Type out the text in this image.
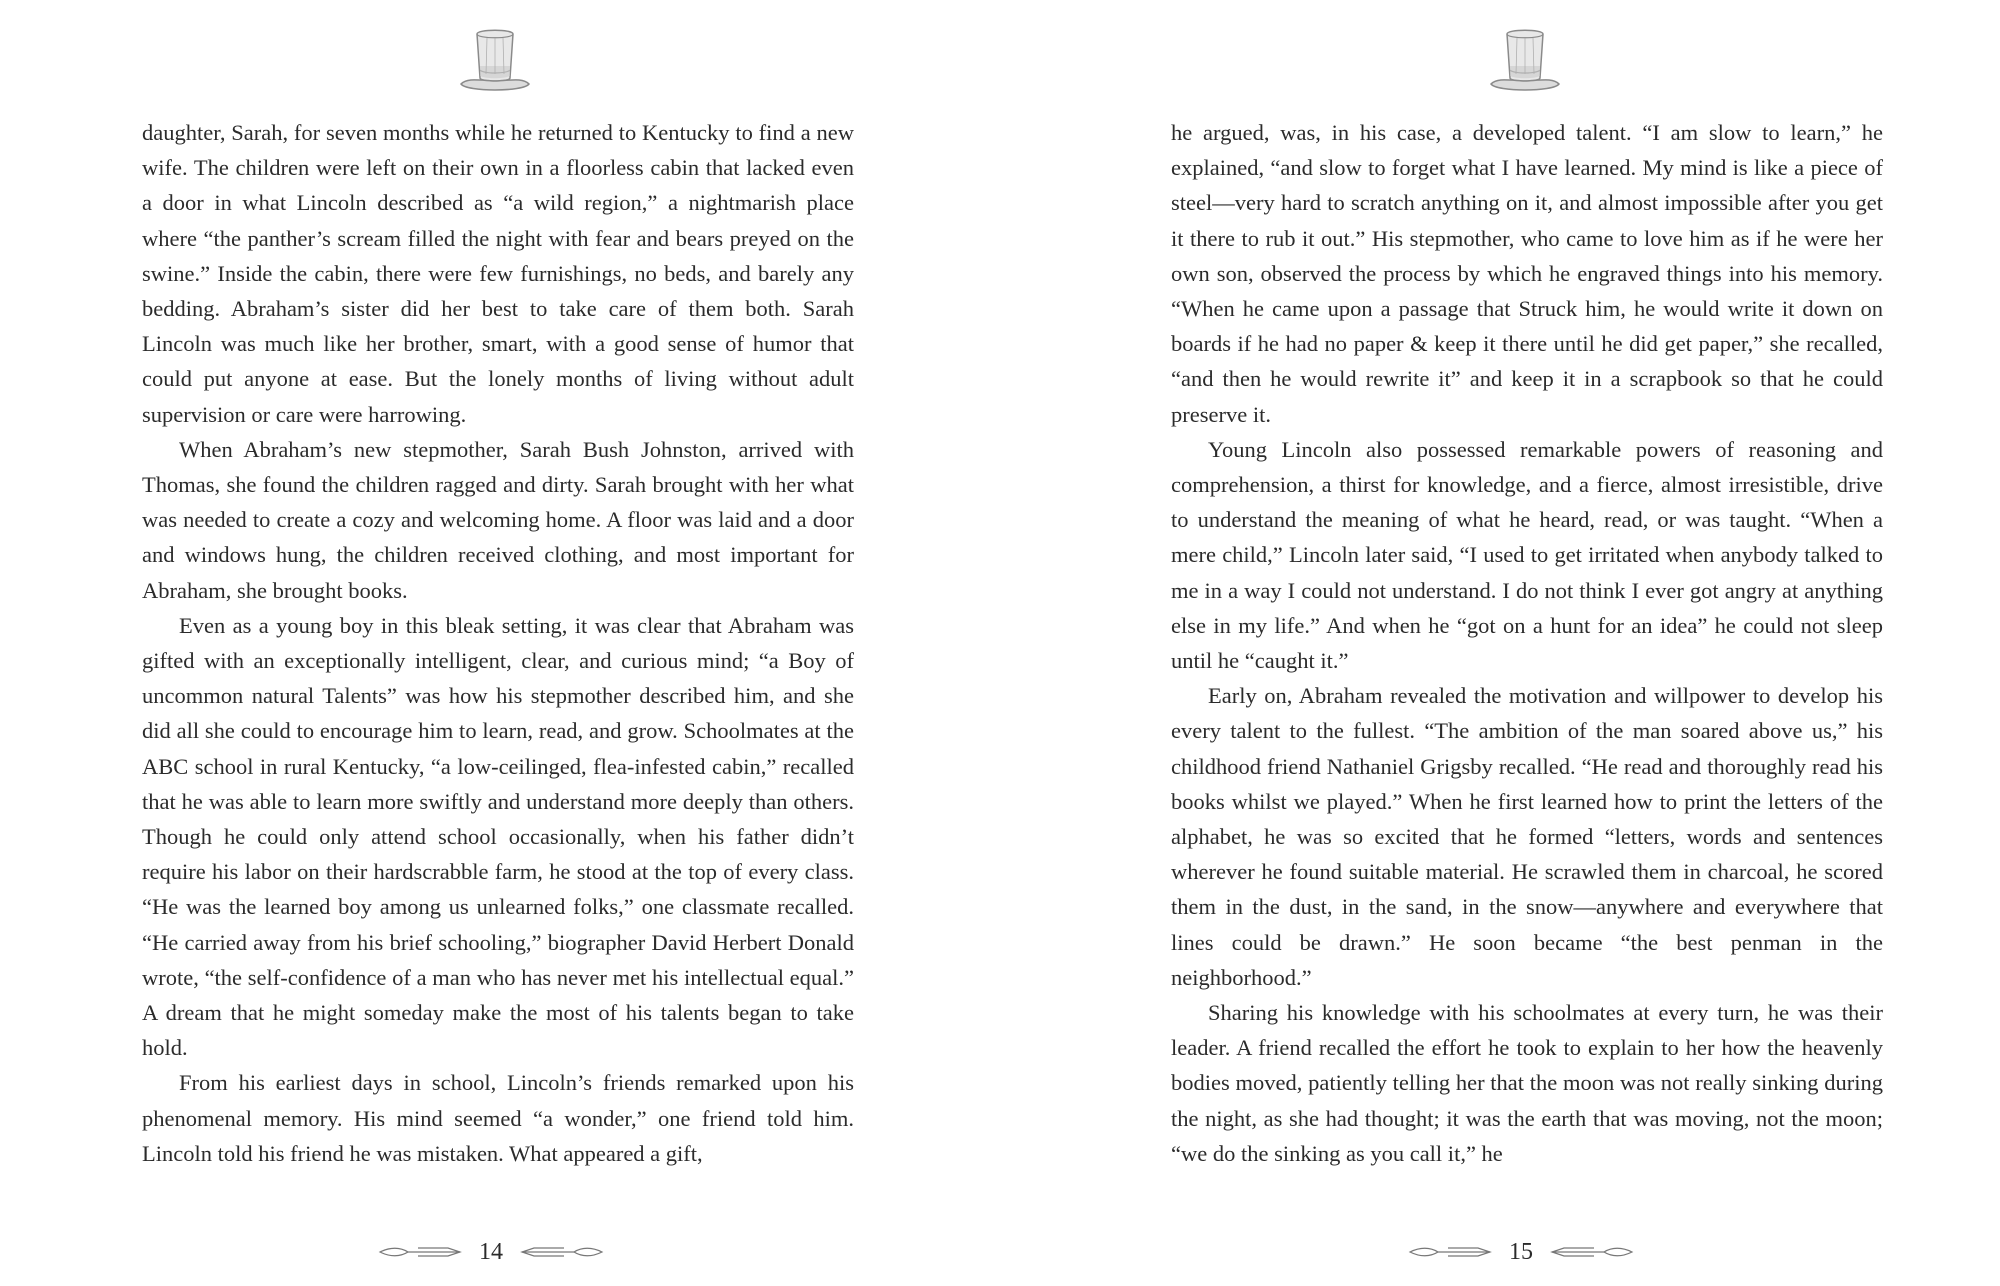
daughter, Sarah, for seven months while he returned to Kentucky to find a new wife. The children were left on their own in a floorless cabin that lacked even a door in what Lincoln described as “a wild region,” a nightmarish place where “the panther’s scream filled the night with fear and bears preyed on the swine.” Inside the cabin, there were few furnishings, no beds, and barely any bedding. Abraham’s sister did her best to take care of them both. Sarah Lincoln was much like her brother, smart, with a good sense of humor that could put anyone at ease. But the lonely months of living without adult supervision or care were harrowing.

When Abraham’s new stepmother, Sarah Bush Johnston, arrived with Thomas, she found the children ragged and dirty. Sarah brought with her what was needed to create a cozy and welcoming home. A floor was laid and a door and windows hung, the children received clothing, and most important for Abraham, she brought books.

Even as a young boy in this bleak setting, it was clear that Abraham was gifted with an exceptionally intelligent, clear, and curious mind; “a Boy of uncommon natural Talents” was how his stepmother described him, and she did all she could to encourage him to learn, read, and grow. Schoolmates at the ABC school in rural Kentucky, “a low-ceilinged, flea-infested cabin,” recalled that he was able to learn more swiftly and understand more deeply than others. Though he could only attend school occasionally, when his father didn’t require his labor on their hardscrabble farm, he stood at the top of every class. “He was the learned boy among us unlearned folks,” one classmate recalled. “He carried away from his brief schooling,” biographer David Herbert Donald wrote, “the self-confidence of a man who has never met his intellectual equal.” A dream that he might someday make the most of his talents began to take hold.

From his earliest days in school, Lincoln’s friends remarked upon his phenomenal memory. His mind seemed “a wonder,” one friend told him. Lincoln told his friend he was mistaken. What appeared a gift,

14

he argued, was, in his case, a developed talent. “I am slow to learn,” he explained, “and slow to forget what I have learned. My mind is like a piece of steel—very hard to scratch anything on it, and almost impossible after you get it there to rub it out.” His stepmother, who came to love him as if he were her own son, observed the process by which he engraved things into his memory. “When he came upon a passage that Struck him, he would write it down on boards if he had no paper & keep it there until he did get paper,” she recalled, “and then he would rewrite it” and keep it in a scrapbook so that he could preserve it.

Young Lincoln also possessed remarkable powers of reasoning and comprehension, a thirst for knowledge, and a fierce, almost irresistible, drive to understand the meaning of what he heard, read, or was taught. “When a mere child,” Lincoln later said, “I used to get irritated when anybody talked to me in a way I could not understand. I do not think I ever got angry at anything else in my life.” And when he “got on a hunt for an idea” he could not sleep until he “caught it.”

Early on, Abraham revealed the motivation and willpower to develop his every talent to the fullest. “The ambition of the man soared above us,” his childhood friend Nathaniel Grigsby recalled. “He read and thoroughly read his books whilst we played.” When he first learned how to print the letters of the alphabet, he was so excited that he formed “letters, words and sentences wherever he found suitable material. He scrawled them in charcoal, he scored them in the dust, in the sand, in the snow—anywhere and everywhere that lines could be drawn.” He soon became “the best penman in the neighborhood.”

Sharing his knowledge with his schoolmates at every turn, he was their leader. A friend recalled the effort he took to explain to her how the heavenly bodies moved, patiently telling her that the moon was not really sinking during the night, as she had thought; it was the earth that was moving, not the moon; “we do the sinking as you call it,” he

15
